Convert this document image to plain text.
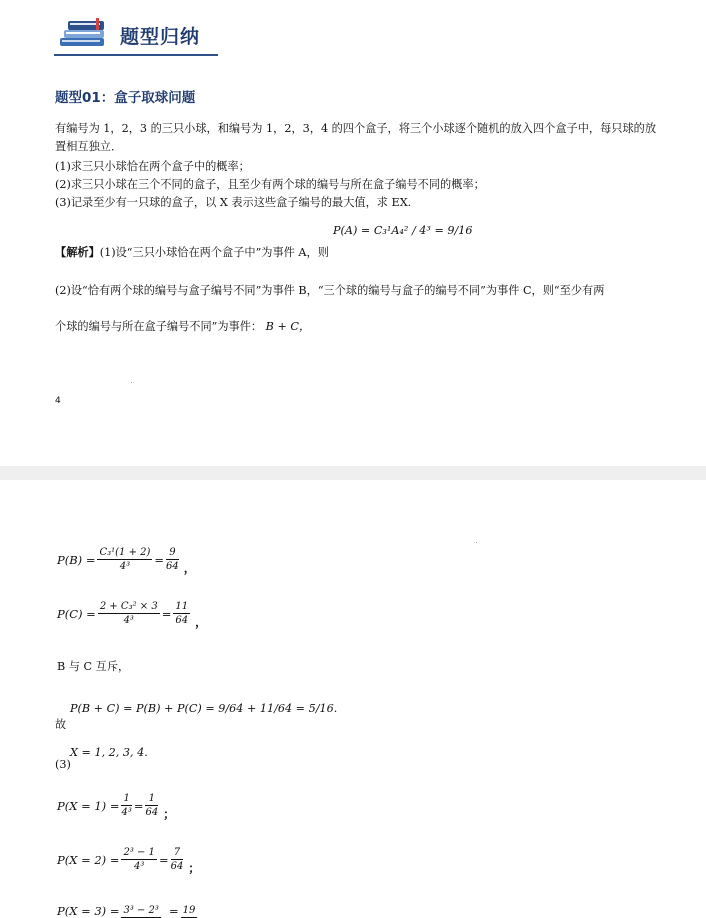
题型归纳
题型01：盒子取球问题
有编号为 1，2，3 的三只小球，和编号为 1，2，3，4 的四个盒子，将三个小球逐个随机的放入四个盒子中，每只球的放置相互独立．
(1)求三只小球恰在两个盒子中的概率；
(2)求三只小球在三个不同的盒子，且至少有两个球的编号与所在盒子编号不同的概率；
(3)记录至少有一只球的盒子，以 X 表示这些盒子编号的最大值，求 EX.
【解析】(1)设“三只小球恰在两个盒子中”为事件 A，则
P(A) = C₃¹A₄² / 4³ = 9/16
(2)设“恰有两个球的编号与盒子编号不同”为事件 B，“三个球的编号与盒子的编号不同”为事件 C，则“至少有两
个球的编号与所在盒子编号不同”为事件： B + C，
4
$P(B) = \frac{\text{C₃¹(1 + 2)}}{\text{4³}} = \frac{9}{64}$ ，
$P(C) = \frac{\text{2 + C₃² × 3}}{\text{4³}} = \frac{11}{64}$ ，
B 与 C 互斥，
P(B + C) = P(B) + P(C) = 9/64 + 11/64 = 5/16.
故
X = 1, 2, 3, 4.
(3)
$P(X = 1) = \frac{1}{\text{4³}} = \frac{1}{64}$ ；
$P(X = 2) = \frac{\text{2³ − 1}}{\text{4³}} = \frac{7}{64}$ ；
P(X = 3) = 3³ − 2³ = 19
